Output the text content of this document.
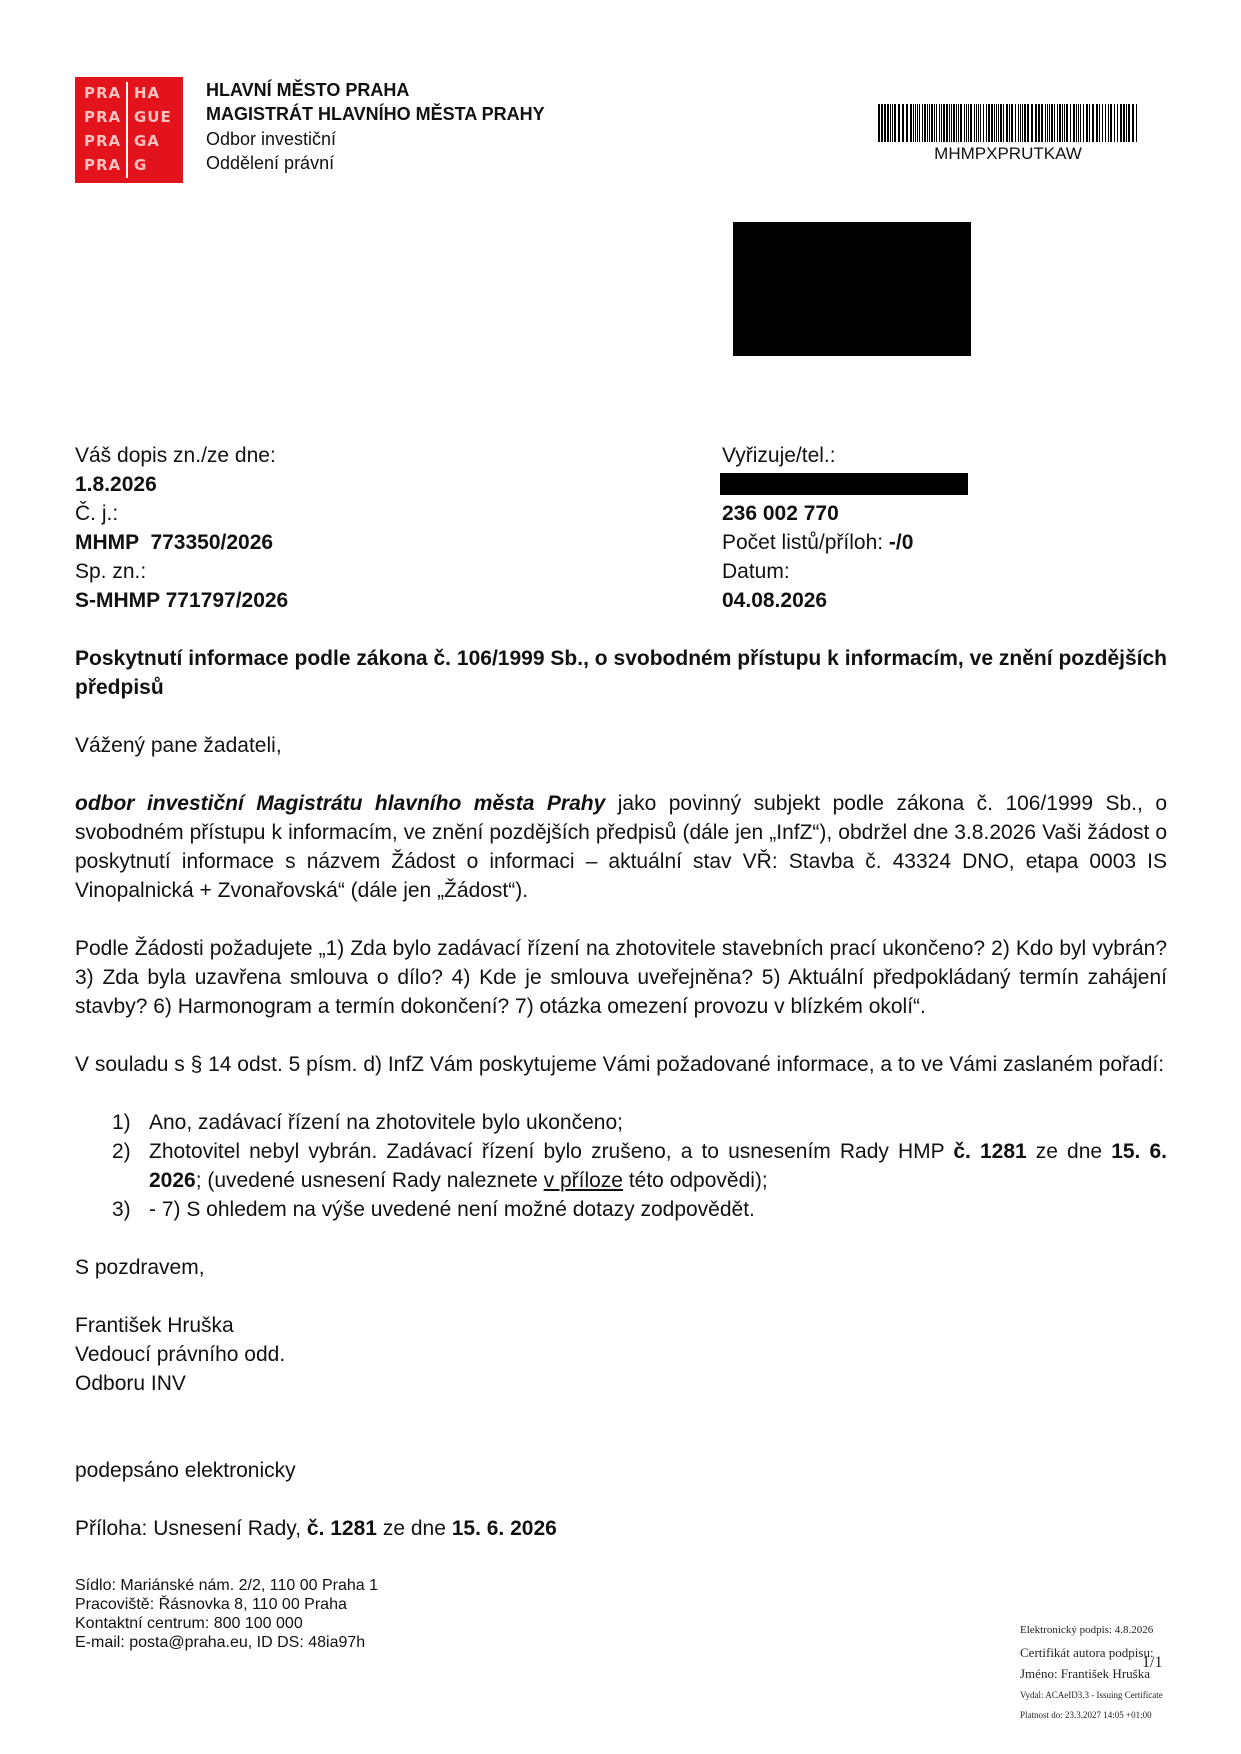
PRA HA
PRA GUE
PRA GA
PRA G
HLAVNÍ MĚSTO PRAHA
MAGISTRÁT HLAVNÍHO MĚSTA PRAHY
Odbor investiční
Oddělení právní	MHMPXPRUTKAW
Váš dopis zn./ze dne:
1.8.2026
Č. j.:
MHMP  773350/2026
Sp. zn.:
S-MHMP 771797/2026
Vyřizuje/tel.:
236 002 770
Počet listů/příloh: -/0
Datum:
04.08.2026
Poskytnutí informace podle zákona č. 106/1999 Sb., o svobodném přístupu k informacím, ve znění pozdějších předpisů
Vážený pane žadateli,
odbor investiční Magistrátu hlavního města Prahy jako povinný subjekt podle zákona č. 106/1999 Sb., o svobodném přístupu k informacím, ve znění pozdějších předpisů (dále jen „InfZ“), obdržel dne 3.8.2026 Vaši žádost o poskytnutí informace s názvem Žádost o informaci – aktuální stav VŘ: Stavba č. 43324 DNO, etapa 0003 IS Vinopalnická + Zvonařovská“ (dále jen „Žádost“).
Podle Žádosti požadujete „1) Zda bylo zadávací řízení na zhotovitele stavebních prací ukončeno? 2) Kdo byl vybrán? 3) Zda byla uzavřena smlouva o dílo? 4) Kde je smlouva uveřejněna? 5) Aktuální předpokládaný termín zahájení stavby? 6) Harmonogram a termín dokončení? 7) otázka omezení provozu v blízkém okolí“.
V souladu s § 14 odst. 5 písm. d) InfZ Vám poskytujeme Vámi požadované informace, a to ve Vámi zaslaném pořadí:
1) Ano, zadávací řízení na zhotovitele bylo ukončeno;
2) Zhotovitel nebyl vybrán. Zadávací řízení bylo zrušeno, a to usnesením Rady HMP č. 1281 ze dne 15. 6. 2026; (uvedené usnesení Rady naleznete v příloze této odpovědi);
3) - 7) S ohledem na výše uvedené není možné dotazy zodpovědět.
S pozdravem,
František Hruška
Vedoucí právního odd.
Odboru INV
podepsáno elektronicky
Příloha: Usnesení Rady, č. 1281 ze dne 15. 6. 2026
Sídlo: Mariánské nám. 2/2, 110 00 Praha 1
Pracoviště: Řásnovka 8, 110 00 Praha
Kontaktní centrum: 800 100 000
E-mail: posta@praha.eu, ID DS: 48ia97h
Elektronický podpis: 4.8.2026
Certifikát autora podpisu:
1/1
Jméno: František Hruška
Vydal: ACAeID3.3 - Issuing Certificate
Platnost do: 23.3.2027 14:05 +01:00
